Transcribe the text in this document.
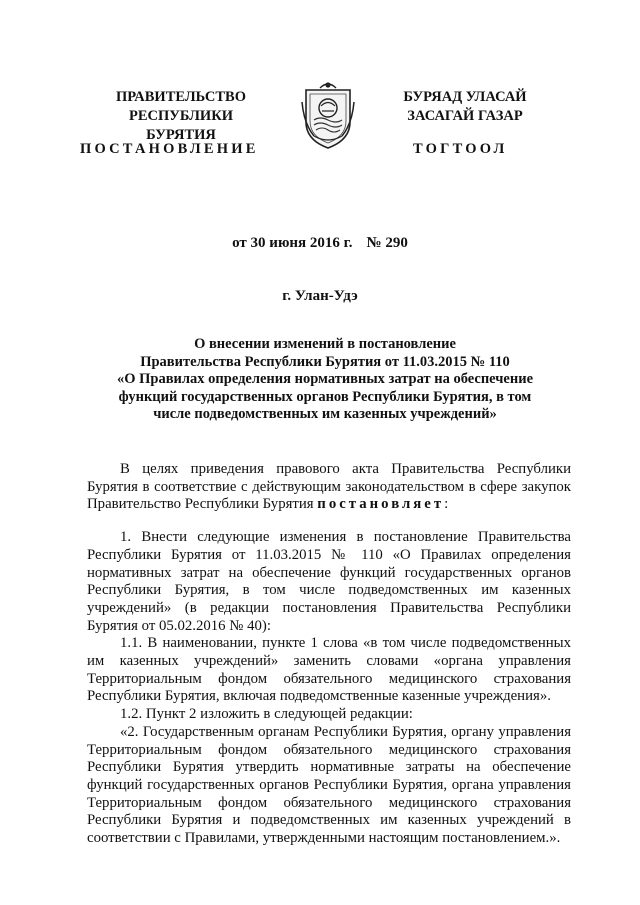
ПРАВИТЕЛЬСТВО
РЕСПУБЛИКИ БУРЯТИЯ
БУРЯАД УЛАСАЙ
ЗАСАГАЙ ГАЗАР
ПОСТАНОВЛЕНИЕ	ТОГТООЛ
от 30 июня 2016 г. № 290
г. Улан-Удэ
О внесении изменений в постановление
Правительства Республики Бурятия от 11.03.2015 № 110
«О Правилах определения нормативных затрат на обеспечение
функций государственных органов Республики Бурятия, в том
числе подведомственных им казенных учреждений»

В целях приведения правового акта Правительства Республики Бурятия в соответствие с действующим законодательством в сфере закупок Правительство Республики Бурятия постановляет:

1. Внести следующие изменения в постановление Правительства Республики Бурятия от 11.03.2015 № 110 «О Правилах определения нормативных затрат на обеспечение функций государственных органов Республики Бурятия, в том числе подведомственных им казенных учреждений» (в редакции постановления Правительства Республики Бурятия от 05.02.2016 № 40):

1.1. В наименовании, пункте 1 слова «в том числе подведомственных им казенных учреждений» заменить словами «органа управления Территориальным фондом обязательного медицинского страхования Республики Бурятия, включая подведомственные казенные учреждения».

1.2. Пункт 2 изложить в следующей редакции:

«2. Государственным органам Республики Бурятия, органу управления Территориальным фондом обязательного медицинского страхования Республики Бурятия утвердить нормативные затраты на обеспечение функций государственных органов Республики Бурятия, органа управления Территориальным фондом обязательного медицинского страхования Республики Бурятия и подведомственных им казенных учреждений в соответствии с Правилами, утвержденными настоящим постановлением.».
